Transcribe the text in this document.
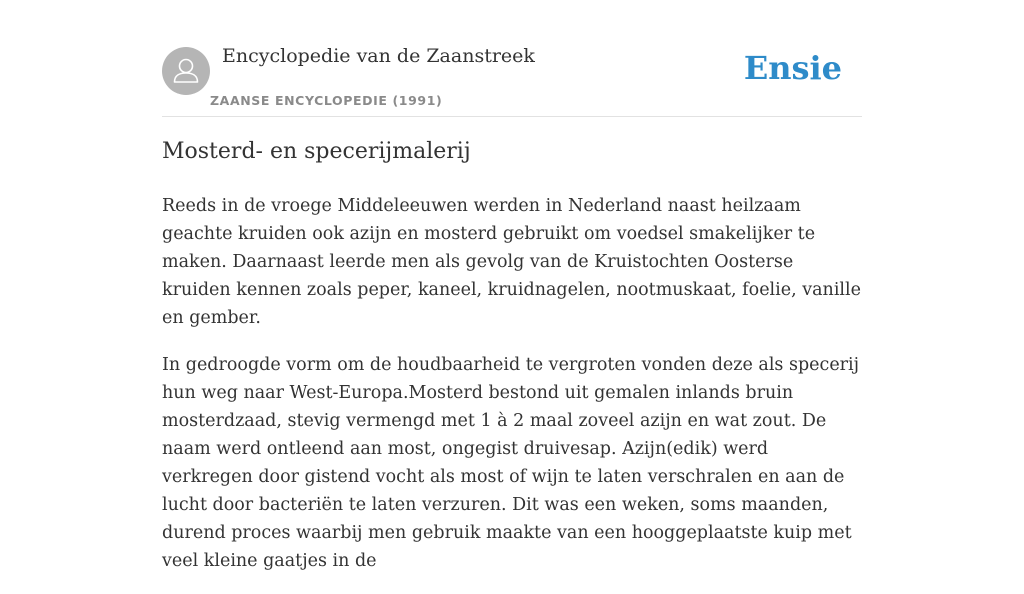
Encyclopedie van de Zaanstreek
ZAANSE ENCYCLOPEDIE (1991)
Ensie
Mosterd- en specerijmalerij

Reeds in de vroege Middeleeuwen werden in Nederland naast heilzaam geachte kruiden ook azijn en mosterd gebruikt om voedsel smakelijker te maken. Daarnaast leerde men als gevolg van de Kruistochten Oosterse kruiden kennen zoals peper, kaneel, kruidnagelen, nootmuskaat, foelie, vanille en gember.

In gedroogde vorm om de houdbaarheid te vergroten vonden deze als specerij hun weg naar West-Europa.Mosterd bestond uit gemalen inlands bruin mosterdzaad, stevig vermengd met 1 à 2 maal zoveel azijn en wat zout. De naam werd ontleend aan most, ongegist druivesap. Azijn(edik) werd verkregen door gistend vocht als most of wijn te laten verschralen en aan de lucht door bacteriën te laten verzuren. Dit was een weken, soms maanden, durend proces waarbij men gebruik maakte van een hooggeplaatste kuip met veel kleine gaatjes in de
